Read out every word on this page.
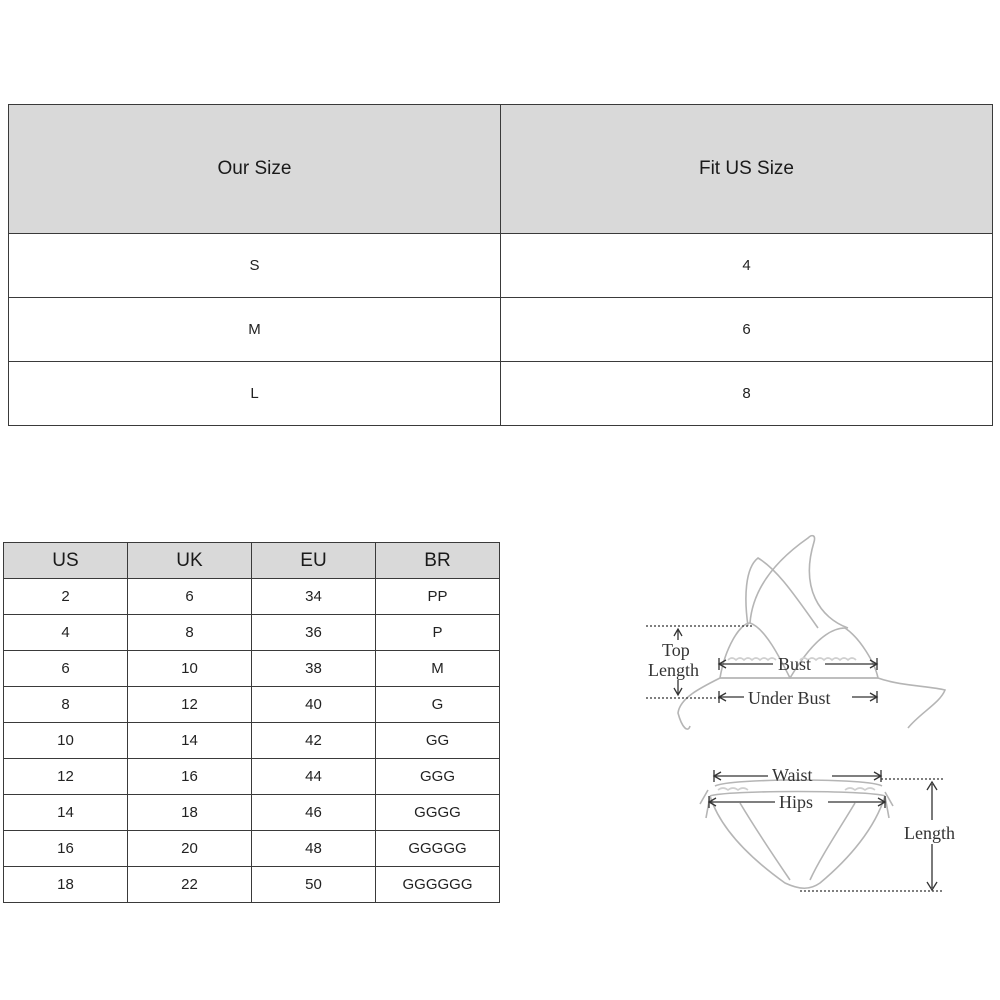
Our Size	Fit US Size
S	4
M	6
L	8
US	UK	EU	BR
2	6	34	PP
4	8	36	P
6	10	38	M
8	12	40	G
10	14	42	GG
12	16	44	GGG
14	18	46	GGGG
16	20	48	GGGGG
18	22	50	GGGGGG
Top
Length	Bust
Under Bust
Waist
Hips
Length
